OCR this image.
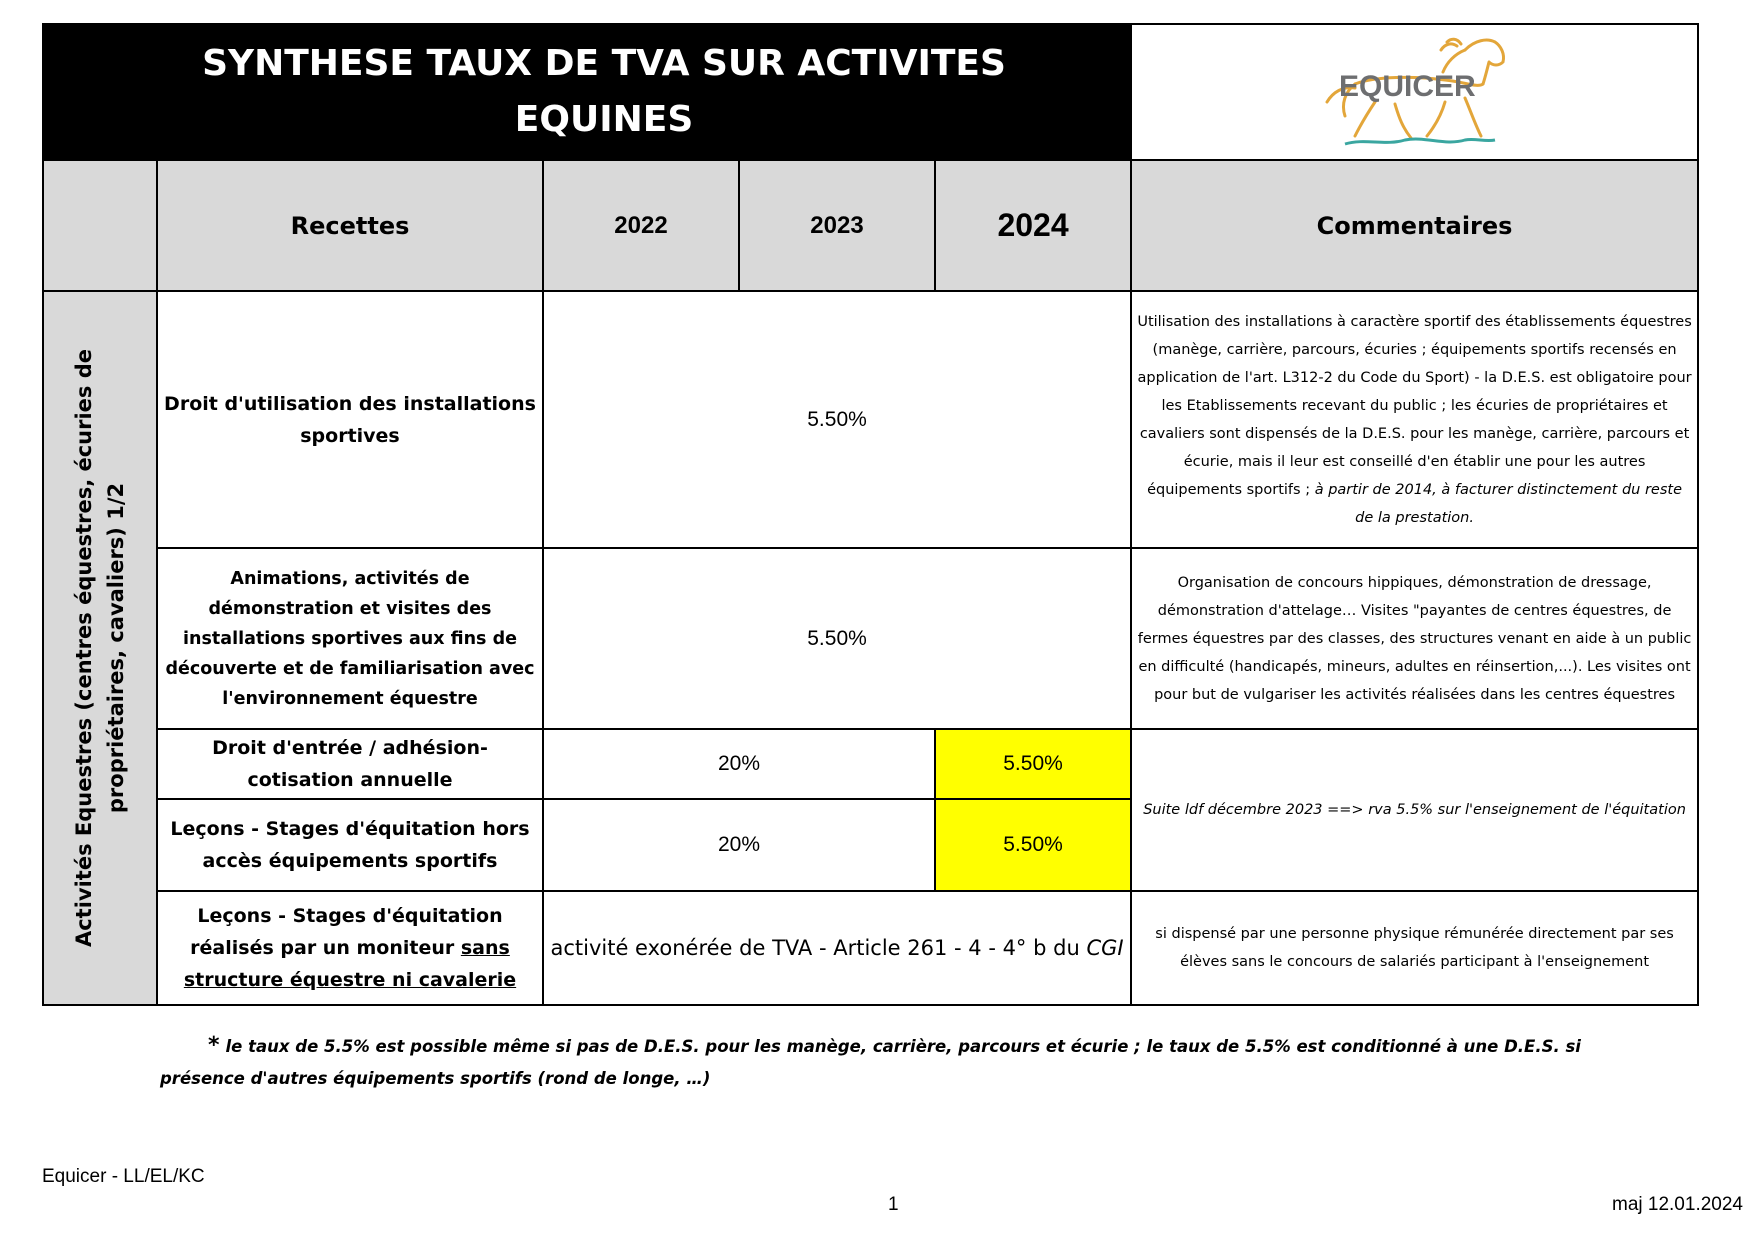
SYNTHESE TAUX DE TVA SUR ACTIVITES
EQUINES					EQUICER

	Recettes	2022	2023	2024	Commentaires

Activités Equestres (centres équestres, écuries de propriétaires, cavaliers) 1/2	Droit d'utilisation des installations sportives	5.50%			Utilisation des installations à caractère sportif des établissements équestres (manège, carrière, parcours, écuries ; équipements sportifs recensés en application de l'art. L312-2 du Code du Sport) - la D.E.S. est obligatoire pour les Etablissements recevant du public ; les écuries de propriétaires et cavaliers sont dispensés de la D.E.S. pour les manège, carrière, parcours et écurie, mais il leur est conseillé d'en établir une pour les autres équipements sportifs ; à partir de 2014, à facturer distinctement du reste de la prestation.
	Animations, activités de démonstration et visites des installations sportives aux fins de découverte et de familiarisation avec l'environnement équestre	5.50%			Organisation de concours hippiques, démonstration de dressage, démonstration d'attelage… Visites "payantes de centres équestres, de fermes équestres par des classes, des structures venant en aide à un public en difficulté (handicapés, mineurs, adultes en réinsertion,...). Les visites ont pour but de vulgariser les activités réalisées dans les centres équestres
	Droit d'entrée / adhésion-cotisation annuelle	20%		5.50%	Suite ldf décembre 2023 ==> rva 5.5% sur l'enseignement de l'équitation
	Leçons - Stages d'équitation hors accès équipements sportifs	20%		5.50%	
	Leçons - Stages d'équitation réalisés par un moniteur sans structure équestre ni cavalerie	activité exonérée de TVA - Article 261 - 4 - 4° b du CGI			si dispensé par une personne physique rémunérée directement par ses élèves sans le concours de salariés participant à l'enseignement
* le taux de 5.5% est possible même si pas de D.E.S. pour les manège, carrière, parcours et écurie ; le taux de 5.5% est conditionné à une D.E.S. si présence d'autres équipements sportifs (rond de longe, …)
Equicer - LL/EL/KC
1	maj 12.01.2024
